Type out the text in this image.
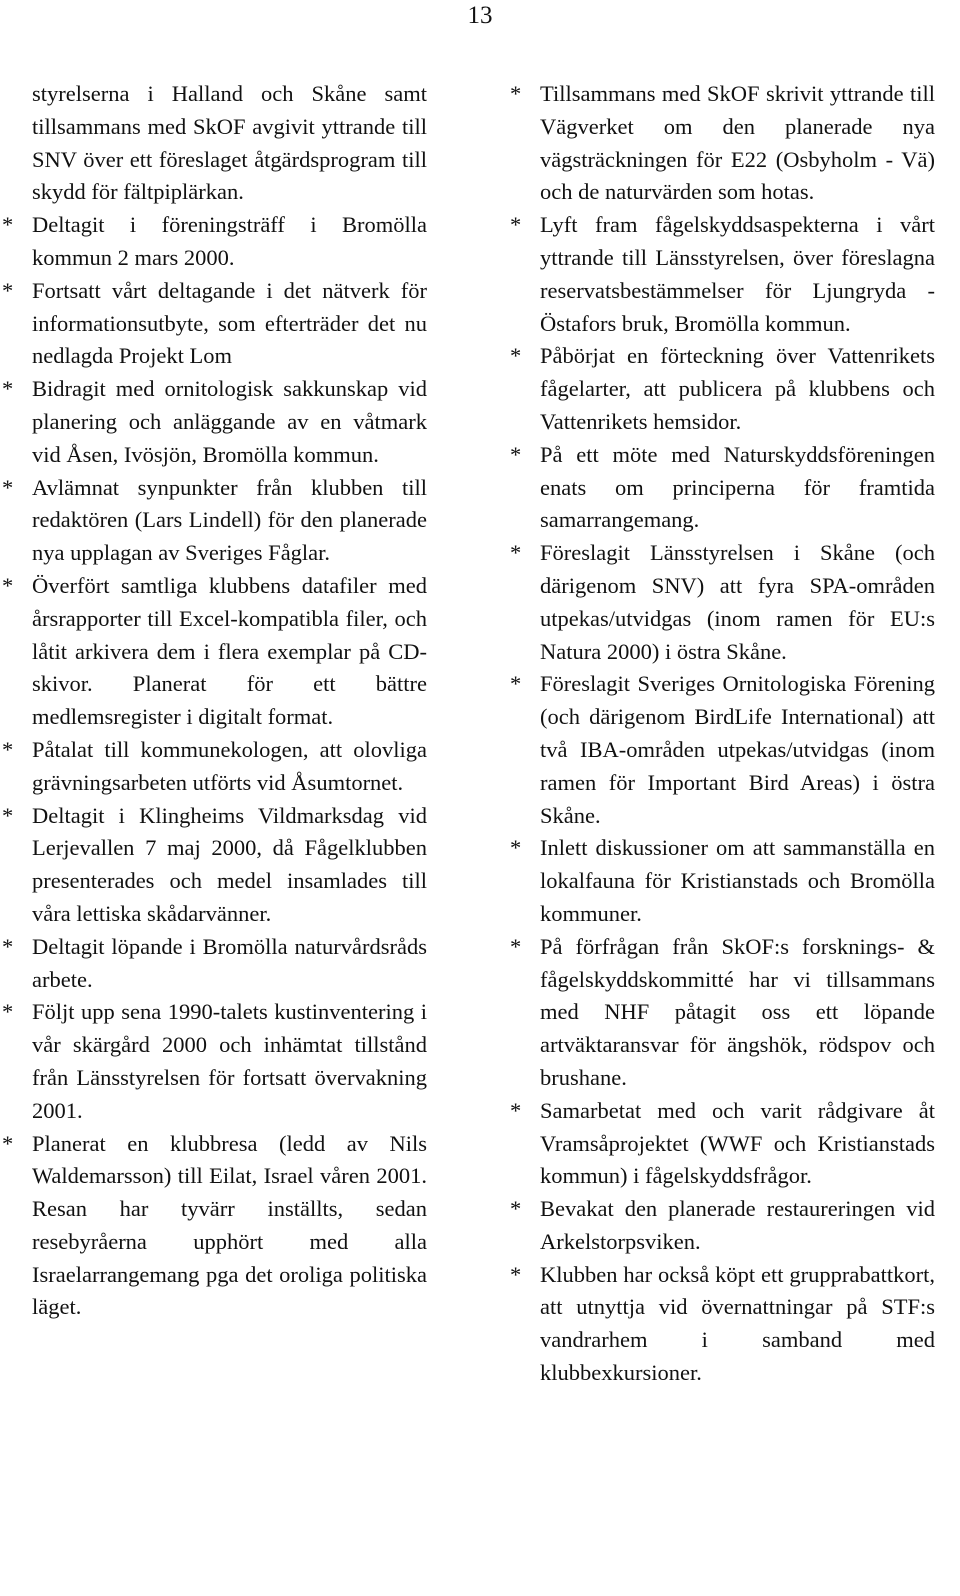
13
styrelserna i Halland och Skåne samt tillsammans med SkOF avgivit yttrande till SNV över ett föreslaget åtgärdsprogram till skydd för fältpiplärkan.
* Deltagit i föreningsträff i Bromölla kommun 2 mars 2000.
* Fortsatt vårt deltagande i det nätverk för informationsutbyte, som efterträder det nu nedlagda Projekt Lom
* Bidragit med ornitologisk sakkunskap vid planering och anläggande av en våtmark vid Åsen, Ivösjön, Bromölla kommun.
* Avlämnat synpunkter från klubben till redaktören (Lars Lindell) för den planerade nya upplagan av Sveriges Fåglar.
* Överfört samtliga klubbens datafiler med årsrapporter till Excel-kompatibla filer, och låtit arkivera dem i flera exemplar på CD-skivor. Planerat för ett bättre medlemsregister i digitalt format.
* Påtalat till kommunekologen, att olovliga grävningsarbeten utförts vid Åsumtornet.
* Deltagit i Klingheims Vildmarksdag vid Lerjevallen 7 maj 2000, då Fågelklubben presenterades och medel insamlades till våra lettiska skådarvänner.
* Deltagit löpande i Bromölla naturvårdsråds arbete.
* Följt upp sena 1990-talets kustinventering i vår skärgård 2000 och inhämtat tillstånd från Länsstyrelsen för fortsatt övervakning 2001.
* Planerat en klubbresa (ledd av Nils Waldemarsson) till Eilat, Israel våren 2001. Resan har tyvärr inställts, sedan resebyråerna upphört med alla Israelarrangemang pga det oroliga politiska läget.
* Tillsammans med SkOF skrivit yttrande till Vägverket om den planerade nya vägsträckningen för E22 (Osbyholm - Vä) och de naturvärden som hotas.
* Lyft fram fågelskyddsaspekterna i vårt yttrande till Länsstyrelsen, över föreslagna reservatsbestämmelser för Ljungryda - Östafors bruk, Bromölla kommun.
* Påbörjat en förteckning över Vattenrikets fågelarter, att publicera på klubbens och Vattenrikets hemsidor.
* På ett möte med Naturskyddsföreningen enats om principerna för framtida samarrangemang.
* Föreslagit Länsstyrelsen i Skåne (och därigenom SNV) att fyra SPA-områden utpekas/utvidgas (inom ramen för EU:s Natura 2000) i östra Skåne.
* Föreslagit Sveriges Ornitologiska Förening (och därigenom BirdLife International) att två IBA-områden utpekas/utvidgas (inom ramen för Important Bird Areas) i östra Skåne.
* Inlett diskussioner om att sammanställa en lokalfauna för Kristianstads och Bromölla kommuner.
* På förfrågan från SkOF:s forsknings- & fågelskyddskommitté har vi tillsammans med NHF påtagit oss ett löpande artväktaransvar för ängshök, rödspov och brushane.
* Samarbetat med och varit rådgivare åt Vramsåprojektet (WWF och Kristianstads kommun) i fågelskyddsfrågor.
* Bevakat den planerade restaureringen vid Arkelstorpsviken.
* Klubben har också köpt ett grupprabattkort, att utnyttja vid övernattningar på STF:s vandrarhem i samband med klubbexkursioner.
